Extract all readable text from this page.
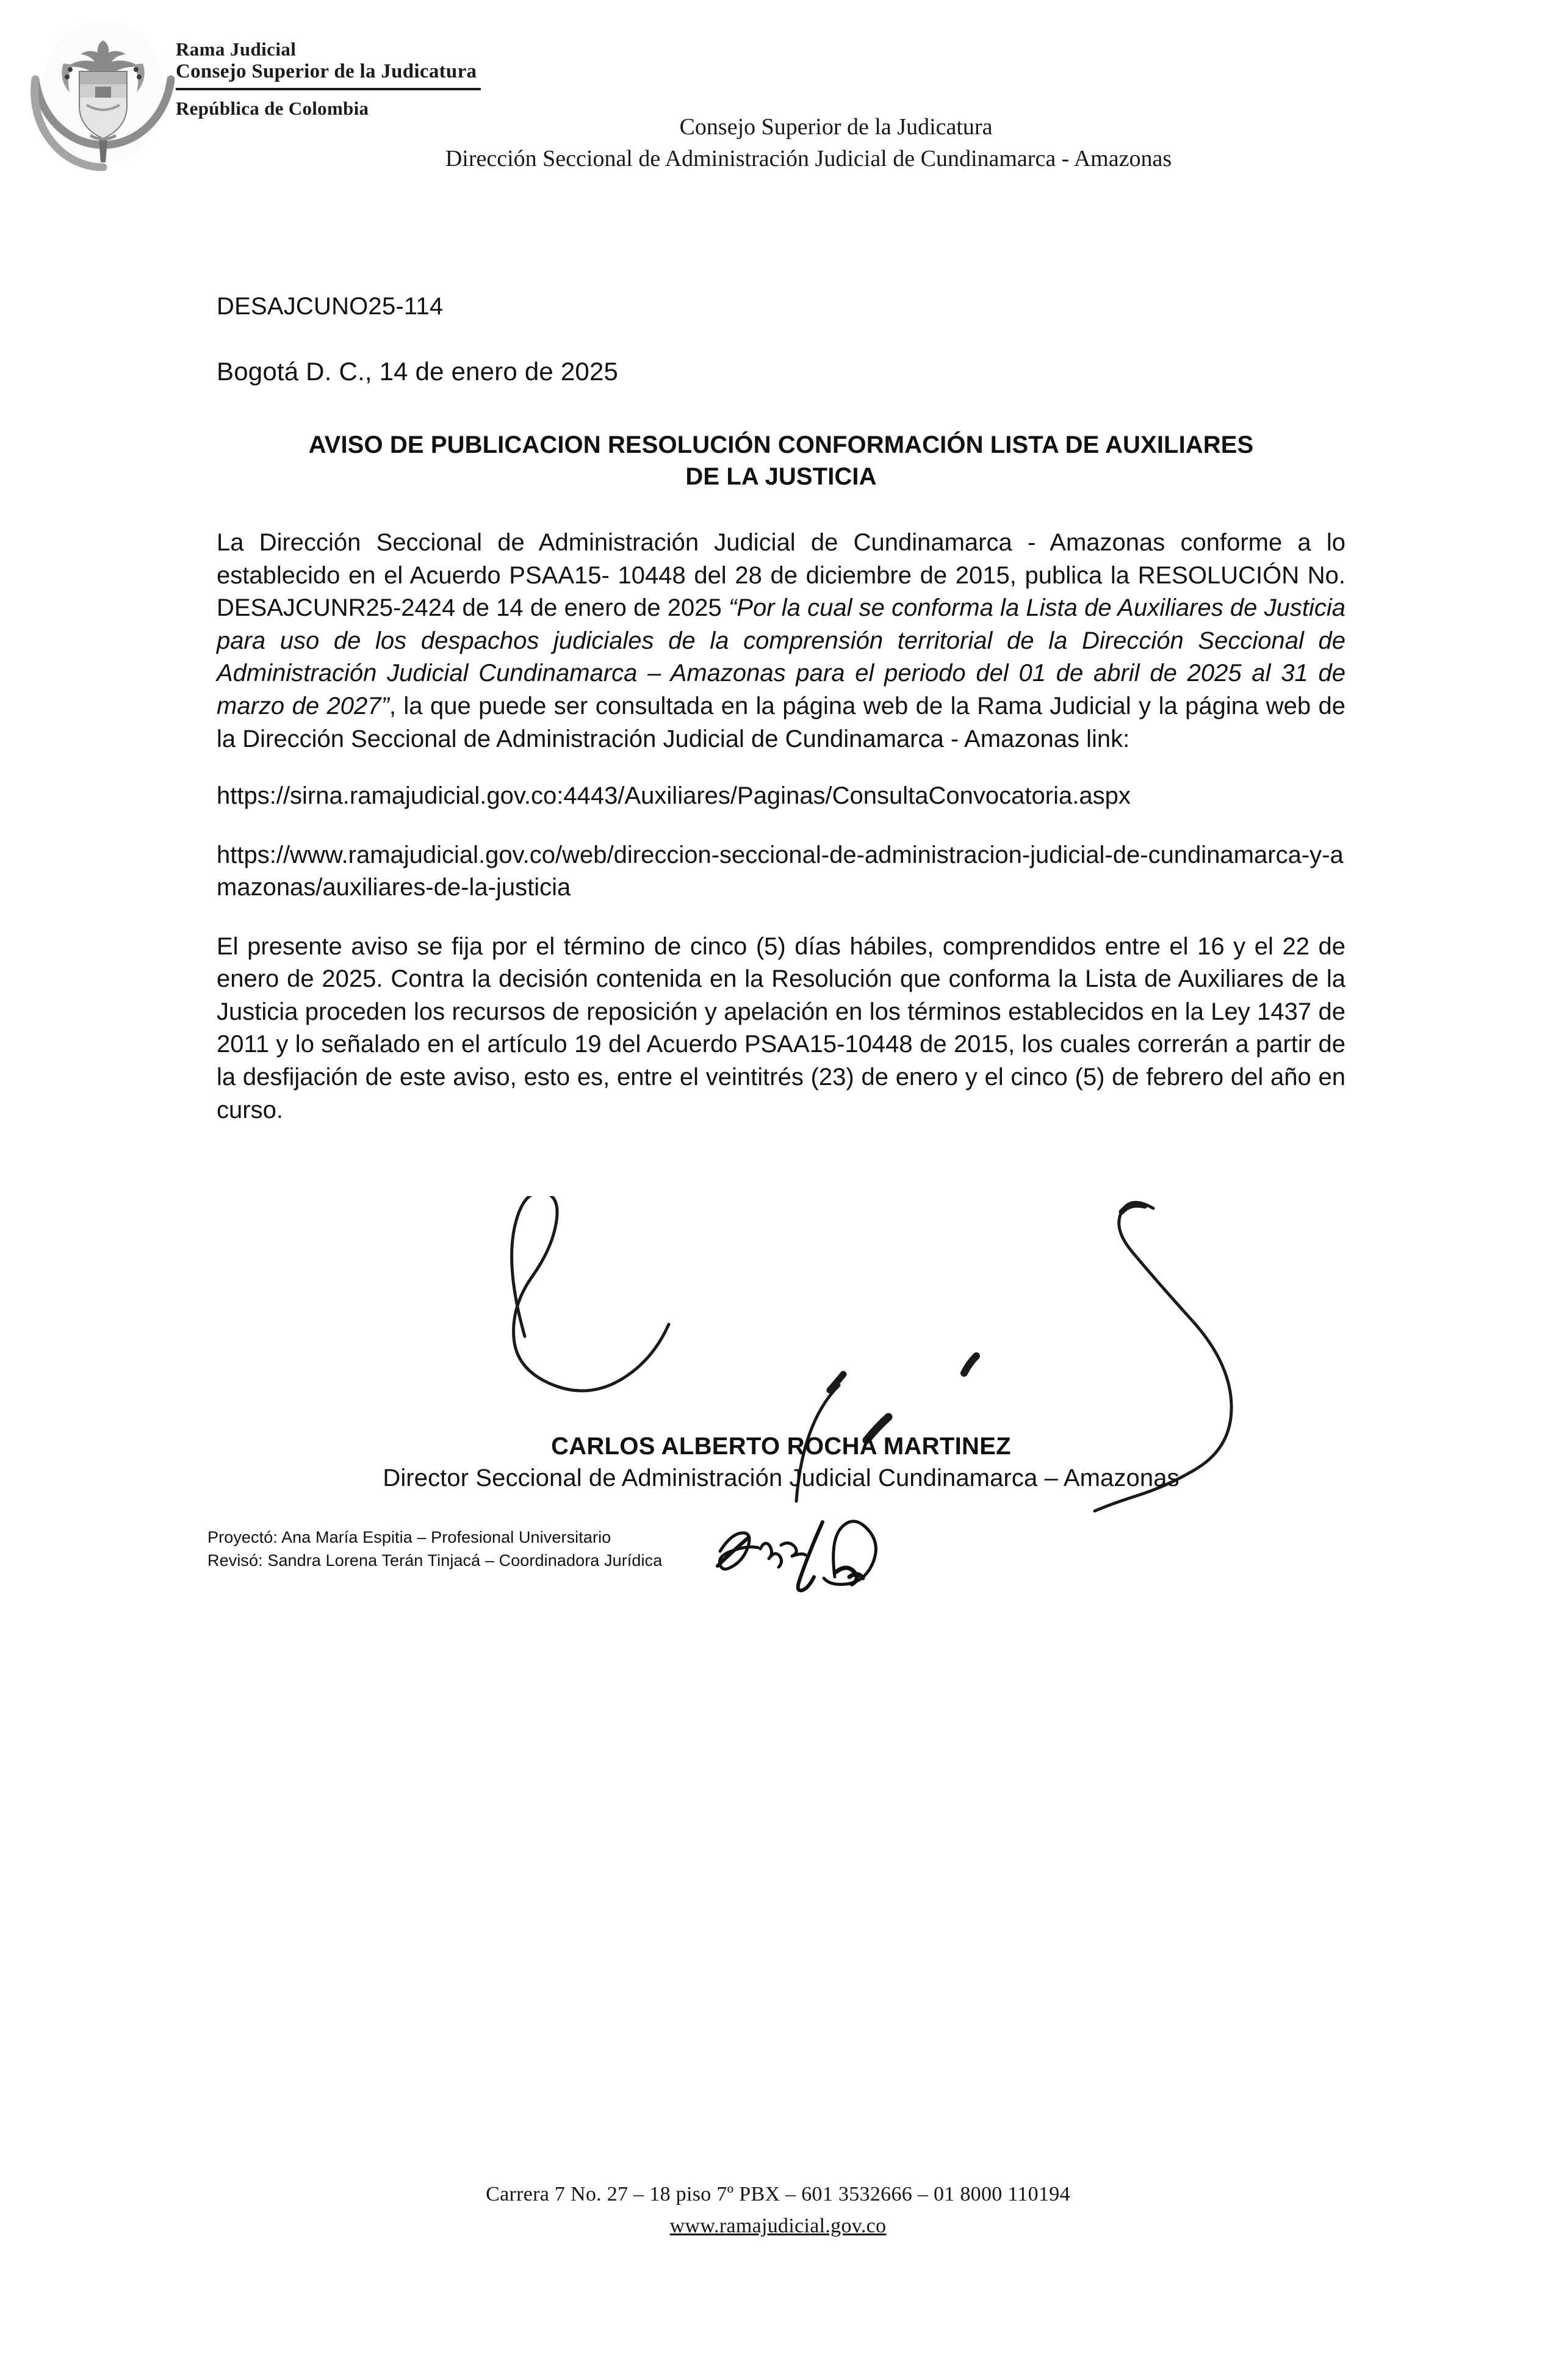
Rama Judicial
Consejo Superior de la Judicatura
República de Colombia
Consejo Superior de la Judicatura
Dirección Seccional de Administración Judicial de Cundinamarca - Amazonas
DESAJCUNO25-114
Bogotá D. C., 14 de enero de 2025
AVISO DE PUBLICACION RESOLUCIÓN CONFORMACIÓN LISTA DE AUXILIARES
DE LA JUSTICIA

La Dirección Seccional de Administración Judicial de Cundinamarca - Amazonas conforme a lo establecido en el Acuerdo PSAA15- 10448 del 28 de diciembre de 2015, publica la RESOLUCIÓN No. DESAJCUNR25-2424 de 14 de enero de 2025 “Por la cual se conforma la Lista de Auxiliares de Justicia para uso de los despachos judiciales de la comprensión territorial de la Dirección Seccional de Administración Judicial Cundinamarca – Amazonas para el periodo del 01 de abril de 2025 al 31 de marzo de 2027”, la que puede ser consultada en la página web de la Rama Judicial y la página web de la Dirección Seccional de Administración Judicial de Cundinamarca - Amazonas link:

https://sirna.ramajudicial.gov.co:4443/Auxiliares/Paginas/ConsultaConvocatoria.aspx

https://www.ramajudicial.gov.co/web/direccion-seccional-de-administracion-judicial-de-cundinamarca-y-amazonas/auxiliares-de-la-justicia

El presente aviso se fija por el término de cinco (5) días hábiles, comprendidos entre el 16 y el 22 de enero de 2025. Contra la decisión contenida en la Resolución que conforma la Lista de Auxiliares de la Justicia proceden los recursos de reposición y apelación en los términos establecidos en la Ley 1437 de 2011 y lo señalado en el artículo 19 del Acuerdo PSAA15-10448 de 2015, los cuales correrán a partir de la desfijación de este aviso, esto es, entre el veintitrés (23) de enero y el cinco (5) de febrero del año en curso.

CARLOS ALBERTO ROCHA MARTINEZ
Director Seccional de Administración Judicial Cundinamarca – Amazonas
Proyectó: Ana María Espitia – Profesional Universitario
Revisó: Sandra Lorena Terán Tinjacá – Coordinadora Jurídica
Carrera 7 No. 27 – 18 piso 7º PBX – 601 3532666 – 01 8000 110194
www.ramajudicial.gov.co
